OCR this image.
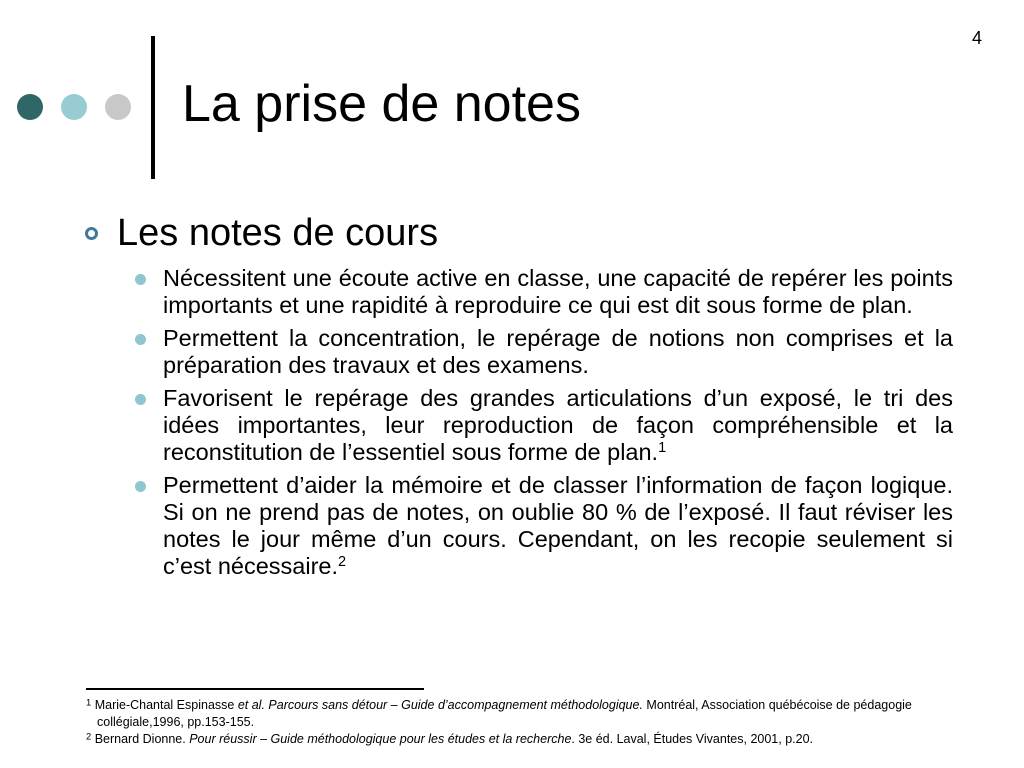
4
La prise de notes
Les notes de cours
Nécessitent une écoute active en classe, une capacité de repérer les points importants et une rapidité à reproduire ce qui est dit sous forme de plan.
Permettent la concentration, le repérage de notions non comprises et la préparation des travaux et des examens.
Favorisent le repérage des grandes articulations d’un exposé, le tri des idées importantes, leur reproduction de façon compréhensible et la reconstitution de l’essentiel sous forme de plan.$^1$
Permettent d’aider la mémoire et de classer l’information de façon logique. Si on ne prend pas de notes, on oublie 80 % de l’exposé. Il faut réviser les notes le jour même d’un cours. Cependant, on les recopie seulement si c’est nécessaire.$^2$

$^1$ Marie-Chantal Espinasse et al. Parcours sans détour – Guide d’accompagnement méthodologique. Montréal, Association québécoise de pédagogie collégiale,1996, pp.153-155.

$^2$ Bernard Dionne. Pour réussir – Guide méthodologique pour les études et la recherche. 3e éd. Laval, Études Vivantes, 2001, p.20.
